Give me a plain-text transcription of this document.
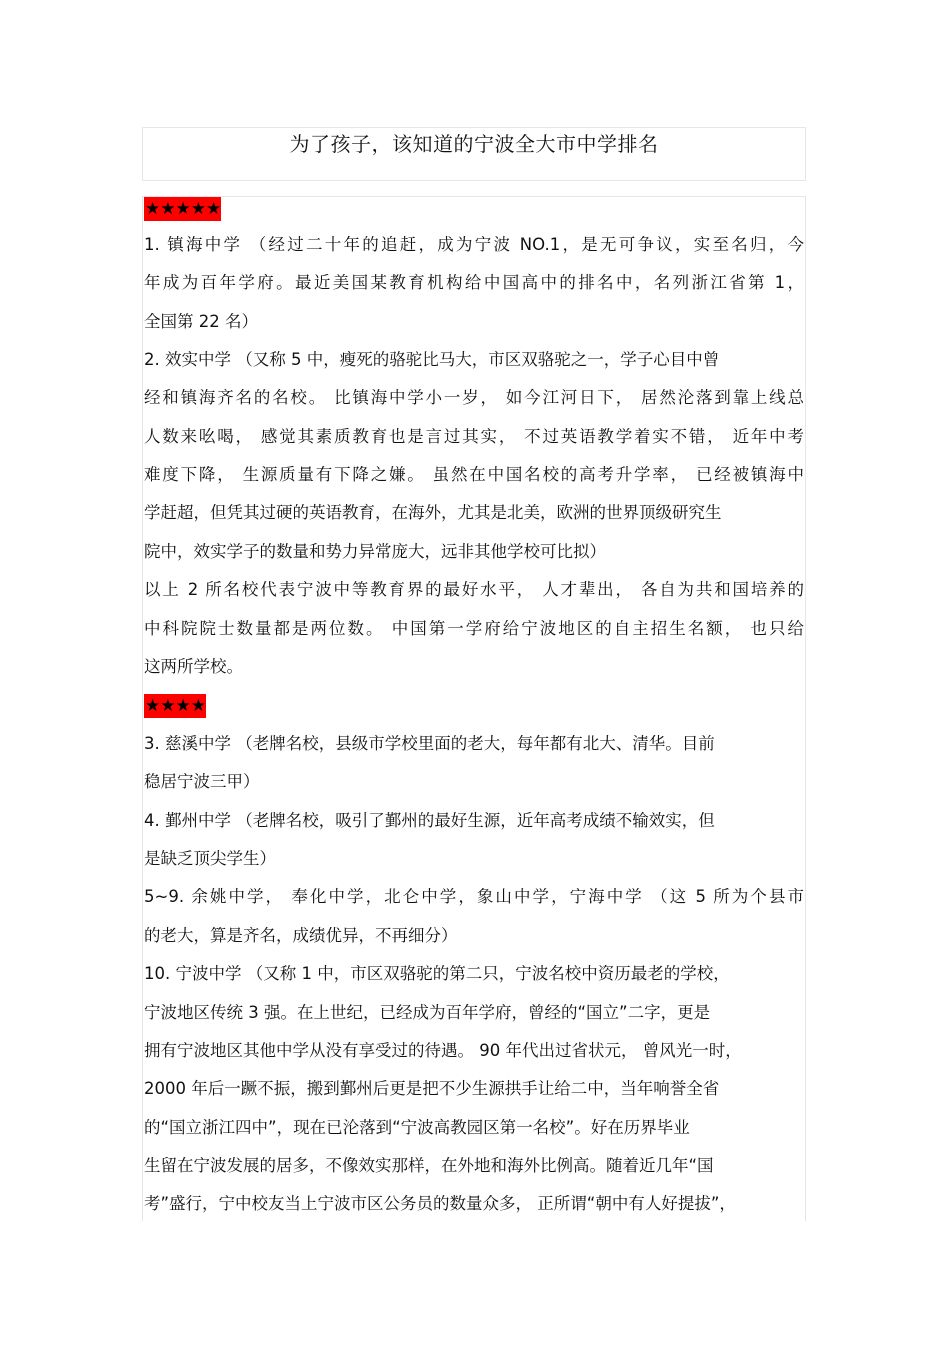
为了孩子，该知道的宁波全大市中学排名
★★★★★
1. 镇海中学 （经过二十年的追赶，成为宁波 NO.1，是无可争议，实至名归，今
年成为百年学府。最近美国某教育机构给中国高中的排名中，名列浙江省第 1，
全国第 22 名）
2. 效实中学 （又称 5 中，瘦死的骆驼比马大，市区双骆驼之一，学子心目中曾
经和镇海齐名的名校。 比镇海中学小一岁， 如今江河日下， 居然沦落到靠上线总
人数来吆喝， 感觉其素质教育也是言过其实， 不过英语教学着实不错， 近年中考
难度下降， 生源质量有下降之嫌。 虽然在中国名校的高考升学率， 已经被镇海中
学赶超，但凭其过硬的英语教育，在海外，尤其是北美，欧洲的世界顶级研究生
院中，效实学子的数量和势力异常庞大，远非其他学校可比拟）
以上 2 所名校代表宁波中等教育界的最好水平， 人才辈出， 各自为共和国培养的
中科院院士数量都是两位数。 中国第一学府给宁波地区的自主招生名额， 也只给
这两所学校。
★★★★
3. 慈溪中学 （老牌名校，县级市学校里面的老大，每年都有北大、清华。目前
稳居宁波三甲）
4. 鄞州中学 （老牌名校，吸引了鄞州的最好生源，近年高考成绩不输效实，但
是缺乏顶尖学生）
5~9. 余姚中学， 奉化中学，北仑中学，象山中学，宁海中学 （这 5 所为个县市
的老大，算是齐名，成绩优异，不再细分）
10. 宁波中学 （又称 1 中，市区双骆驼的第二只，宁波名校中资历最老的学校，
宁波地区传统 3 强。在上世纪，已经成为百年学府，曾经的“国立”二字，更是
拥有宁波地区其他中学从没有享受过的待遇。 90 年代出过省状元， 曾风光一时，
2000 年后一蹶不振，搬到鄞州后更是把不少生源拱手让给二中，当年响誉全省
的“国立浙江四中”，现在已沦落到“宁波高教园区第一名校”。好在历界毕业
生留在宁波发展的居多，不像效实那样，在外地和海外比例高。随着近几年“国
考”盛行，宁中校友当上宁波市区公务员的数量众多， 正所谓“朝中有人好提拔”，
